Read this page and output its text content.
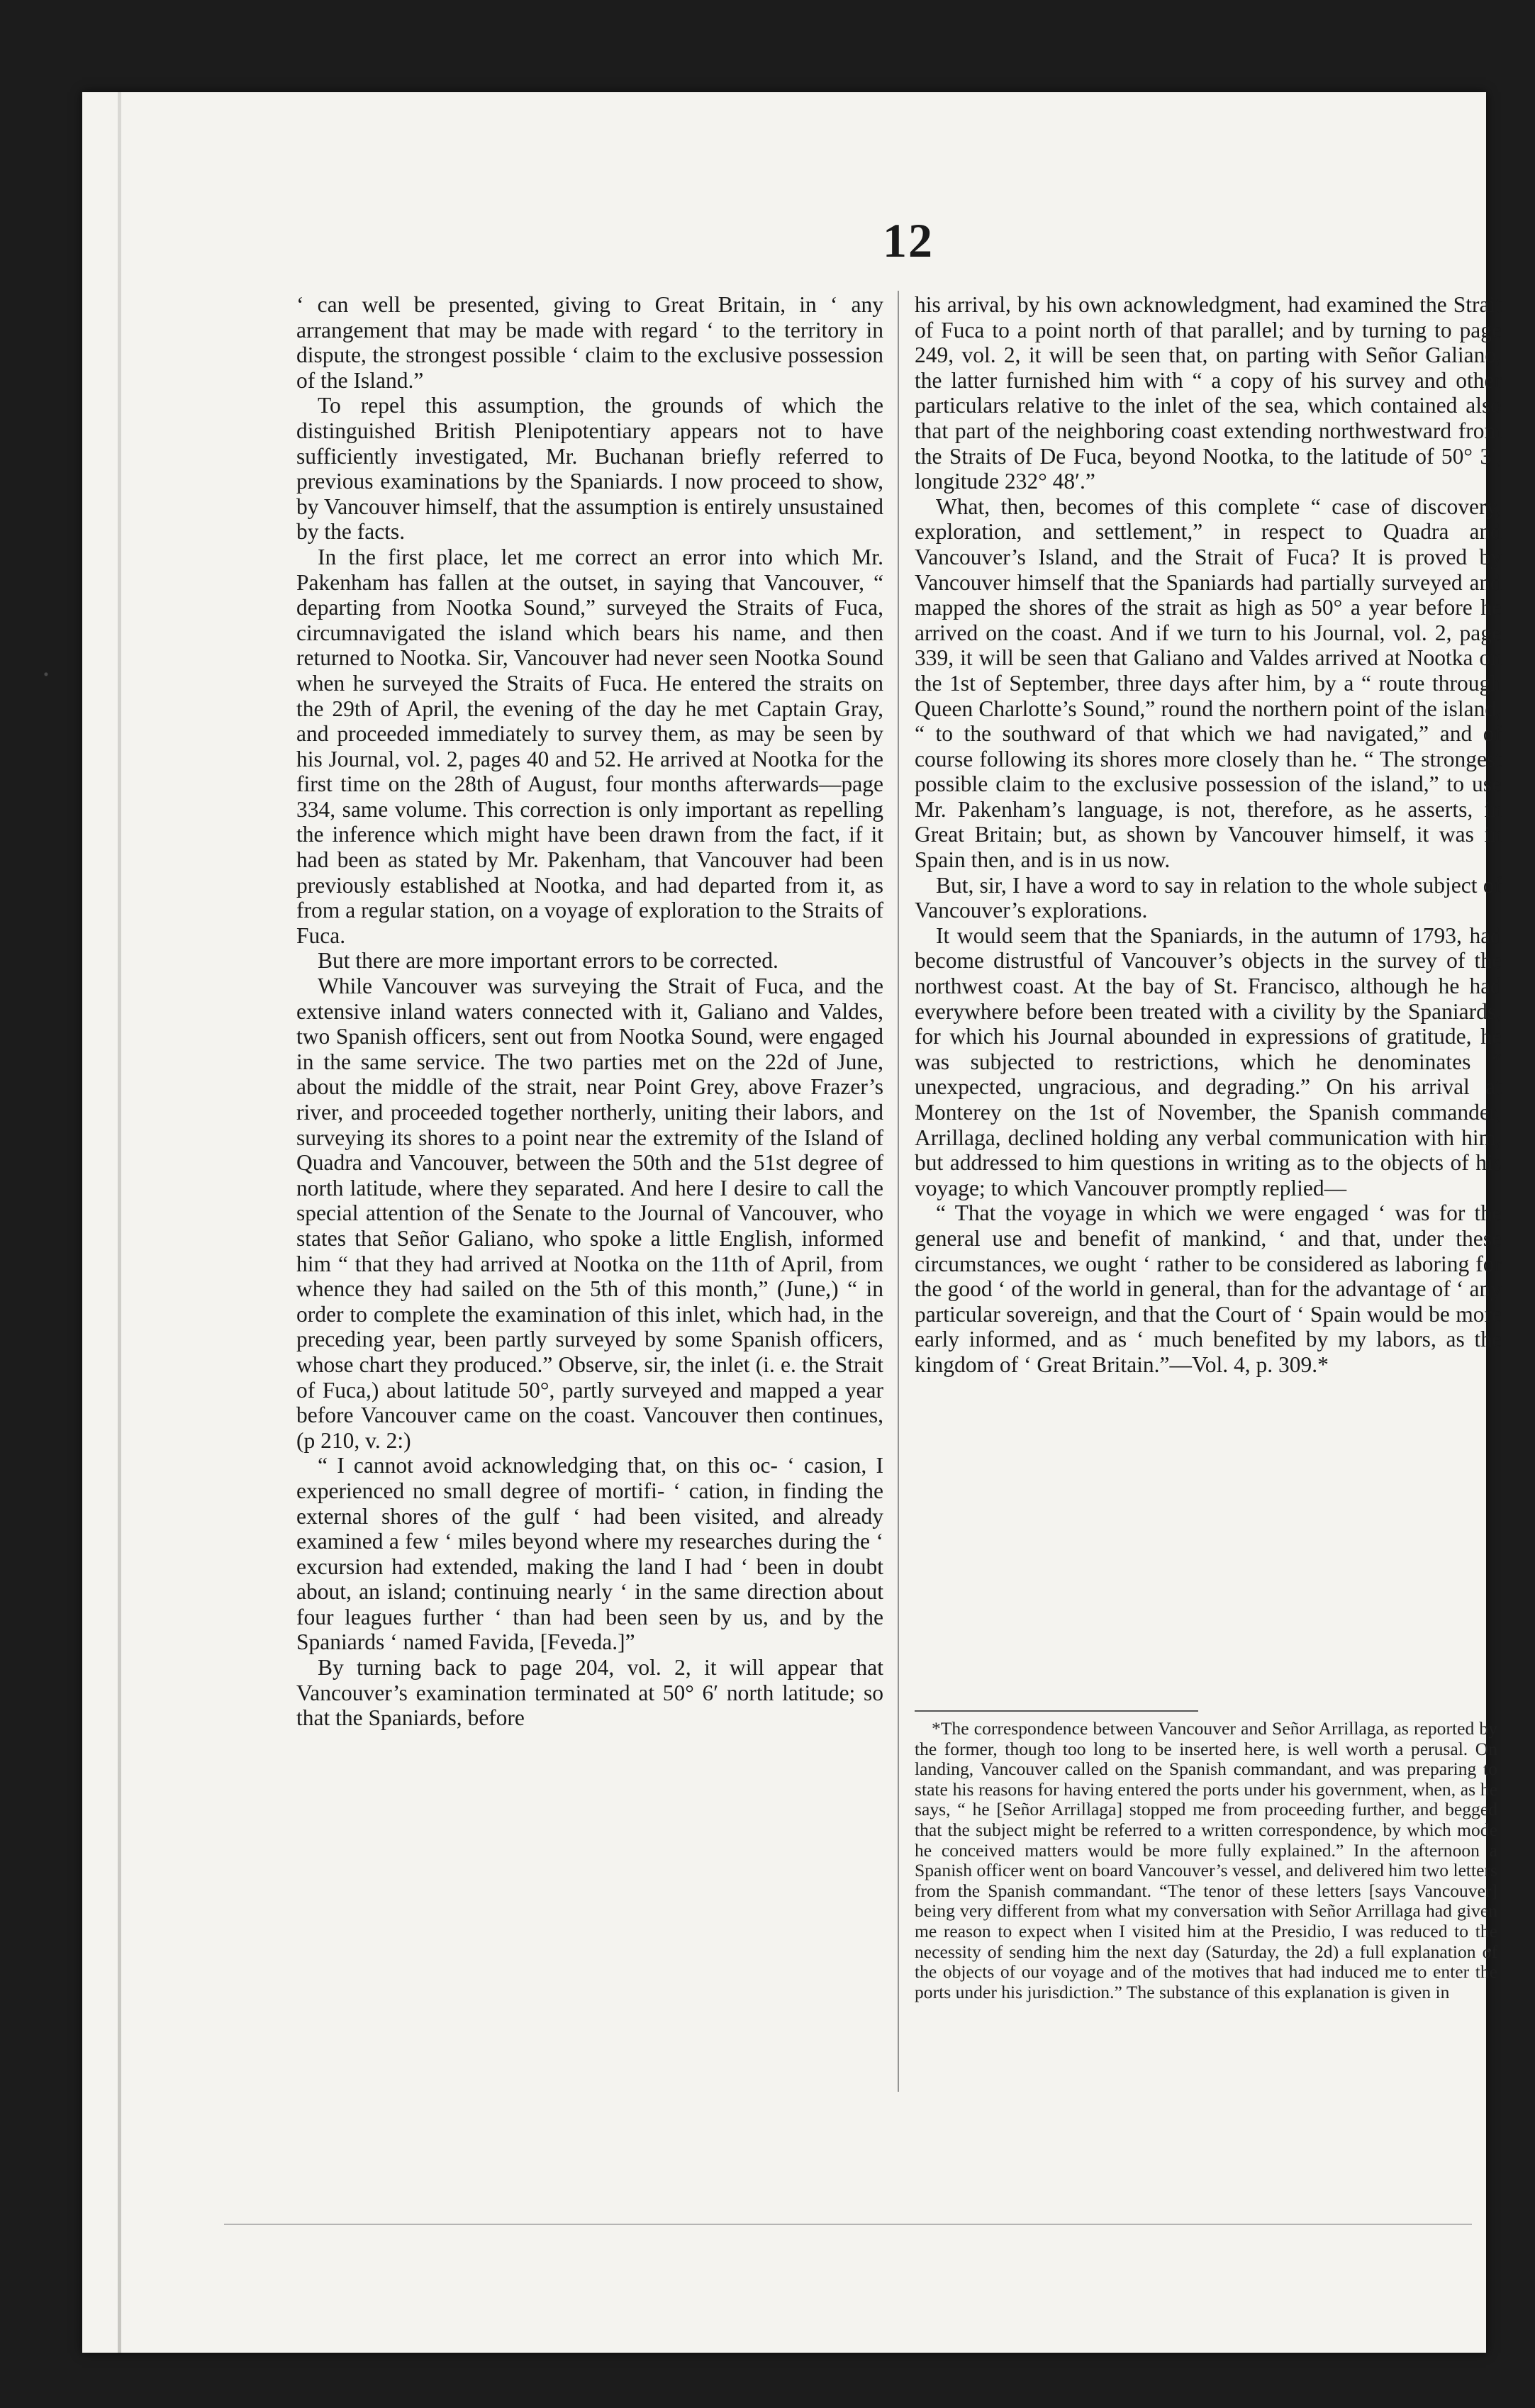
12

‘ can well be presented, giving to Great Britain, in ‘ any arrangement that may be made with regard ‘ to the territory in dispute, the strongest possible ‘ claim to the exclusive possession of the Island.”

To repel this assumption, the grounds of which the distinguished British Plenipotentiary appears not to have sufficiently investigated, Mr. Buchanan briefly referred to previous examinations by the Spaniards. I now proceed to show, by Vancouver himself, that the assumption is entirely unsustained by the facts.

In the first place, let me correct an error into which Mr. Pakenham has fallen at the outset, in saying that Vancouver, “ departing from Nootka Sound,” surveyed the Straits of Fuca, circumnavigated the island which bears his name, and then returned to Nootka. Sir, Vancouver had never seen Nootka Sound when he surveyed the Straits of Fuca. He entered the straits on the 29th of April, the evening of the day he met Captain Gray, and proceeded immediately to survey them, as may be seen by his Journal, vol. 2, pages 40 and 52. He arrived at Nootka for the first time on the 28th of August, four months afterwards—page 334, same volume. This correction is only important as repelling the inference which might have been drawn from the fact, if it had been as stated by Mr. Pakenham, that Vancouver had been previously established at Nootka, and had departed from it, as from a regular station, on a voyage of exploration to the Straits of Fuca.

But there are more important errors to be corrected.

While Vancouver was surveying the Strait of Fuca, and the extensive inland waters connected with it, Galiano and Valdes, two Spanish officers, sent out from Nootka Sound, were engaged in the same service. The two parties met on the 22d of June, about the middle of the strait, near Point Grey, above Frazer’s river, and proceeded together northerly, uniting their labors, and surveying its shores to a point near the extremity of the Island of Quadra and Vancouver, between the 50th and the 51st degree of north latitude, where they separated. And here I desire to call the special attention of the Senate to the Journal of Vancouver, who states that Señor Galiano, who spoke a little English, informed him “ that they had arrived at Nootka on the 11th of April, from whence they had sailed on the 5th of this month,” (June,) “ in order to complete the examination of this inlet, which had, in the preceding year, been partly surveyed by some Spanish officers, whose chart they produced.” Observe, sir, the inlet (i. e. the Strait of Fuca,) about latitude 50°, partly surveyed and mapped a year before Vancouver came on the coast. Vancouver then continues, (p 210, v. 2:)

“ I cannot avoid acknowledging that, on this oc- ‘ casion, I experienced no small degree of mortifi- ‘ cation, in finding the external shores of the gulf ‘ had been visited, and already examined a few ‘ miles beyond where my researches during the ‘ excursion had extended, making the land I had ‘ been in doubt about, an island; continuing nearly ‘ in the same direction about four leagues further ‘ than had been seen by us, and by the Spaniards ‘ named Favida, [Feveda.]”

By turning back to page 204, vol. 2, it will appear that Vancouver’s examination terminated at 50° 6′ north latitude; so that the Spaniards, before

his arrival, by his own acknowledgment, had examined the Strait of Fuca to a point north of that parallel; and by turning to page 249, vol. 2, it will be seen that, on parting with Señor Galiano, the latter furnished him with “ a copy of his survey and other particulars relative to the inlet of the sea, which contained also that part of the neighboring coast extending northwestward from the Straits of De Fuca, beyond Nootka, to the latitude of 50° 3′, longitude 232° 48′.”

What, then, becomes of this complete “ case of discovery, exploration, and settlement,” in respect to Quadra and Vancouver’s Island, and the Strait of Fuca? It is proved by Vancouver himself that the Spaniards had partially surveyed and mapped the shores of the strait as high as 50° a year before he arrived on the coast. And if we turn to his Journal, vol. 2, page 339, it will be seen that Galiano and Valdes arrived at Nootka on the 1st of September, three days after him, by a “ route through Queen Charlotte’s Sound,” round the northern point of the island, “ to the southward of that which we had navigated,” and of course following its shores more closely than he. “ The strongest possible claim to the exclusive possession of the island,” to use Mr. Pakenham’s language, is not, therefore, as he asserts, in Great Britain; but, as shown by Vancouver himself, it was in Spain then, and is in us now.

But, sir, I have a word to say in relation to the whole subject of Vancouver’s explorations.

It would seem that the Spaniards, in the autumn of 1793, had become distrustful of Vancouver’s objects in the survey of the northwest coast. At the bay of St. Francisco, although he had everywhere before been treated with a civility by the Spaniards, for which his Journal abounded in expressions of gratitude, he was subjected to restrictions, which he denominates “ unexpected, ungracious, and degrading.” On his arrival at Monterey on the 1st of November, the Spanish commander, Arrillaga, declined holding any verbal communication with him, but addressed to him questions in writing as to the objects of his voyage; to which Vancouver promptly replied—

“ That the voyage in which we were engaged ‘ was for the general use and benefit of mankind, ‘ and that, under these circumstances, we ought ‘ rather to be considered as laboring for the good ‘ of the world in general, than for the advantage of ‘ any particular sovereign, and that the Court of ‘ Spain would be more early informed, and as ‘ much benefited by my labors, as the kingdom of ‘ Great Britain.”—Vol. 4, p. 309.*

*The correspondence between Vancouver and Señor Arrillaga, as reported by the former, though too long to be inserted here, is well worth a perusal. On landing, Vancouver called on the Spanish commandant, and was preparing to state his reasons for having entered the ports under his government, when, as he says, “ he [Señor Arrillaga] stopped me from proceeding further, and begged that the subject might be referred to a written correspondence, by which mode he conceived matters would be more fully explained.” In the afternoon a Spanish officer went on board Vancouver’s vessel, and delivered him two letters from the Spanish commandant. “The tenor of these letters [says Vancouver] being very different from what my conversation with Señor Arrillaga had given me reason to expect when I visited him at the Presidio, I was reduced to the necessity of sending him the next day (Saturday, the 2d) a full explanation of the objects of our voyage and of the motives that had induced me to enter the ports under his jurisdiction.” The substance of this explanation is given in
